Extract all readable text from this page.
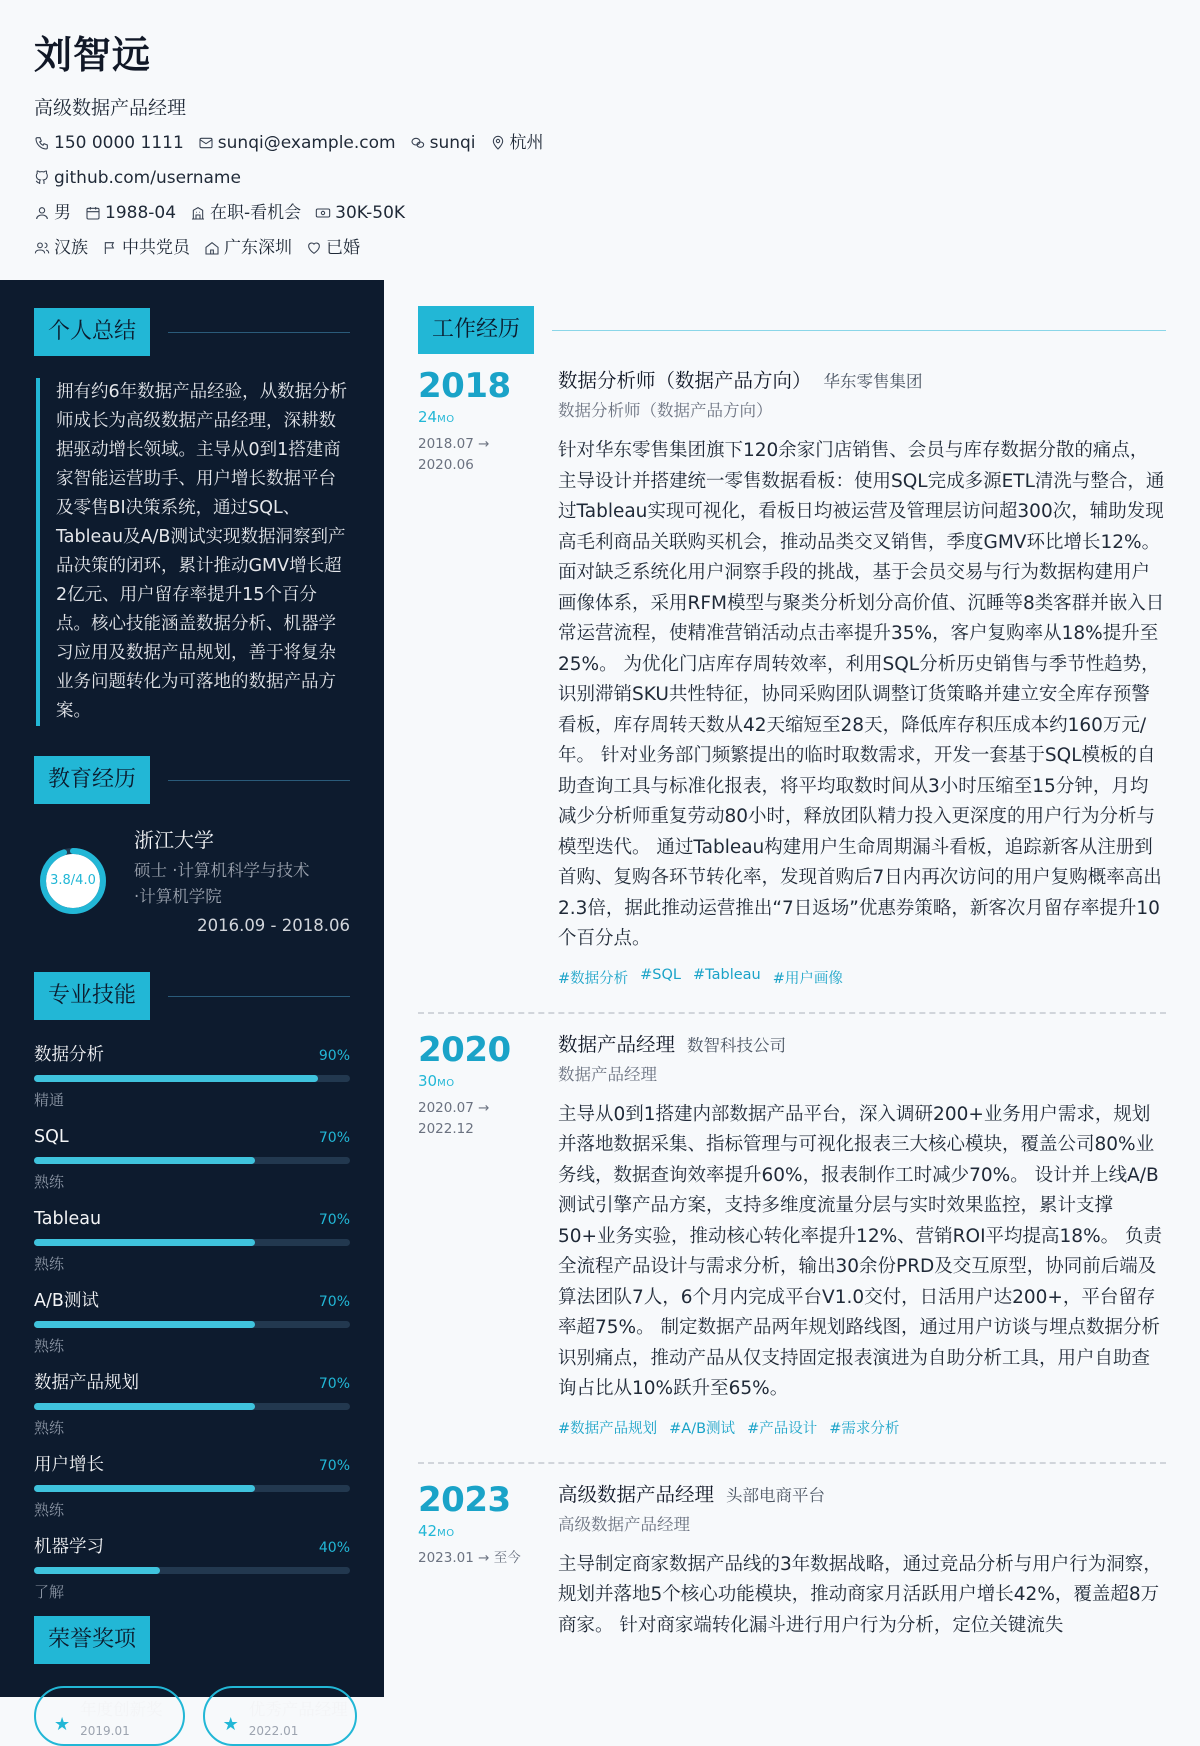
刘智远
高级数据产品经理
150 0000 1111 sunqi@example.com sunqi 杭州
github.com/username
男 1988-04 在职-看机会 30K-50K
汉族 中共党员 广东深圳 已婚
个人总结
拥有约6年数据产品经验，从数据分析师成长为高级数据产品经理，深耕数据驱动增长领域。主导从0到1搭建商家智能运营助手、用户增长数据平台及零售BI决策系统，通过SQL、Tableau及A/B测试实现数据洞察到产品决策的闭环，累计推动GMV增长超2亿元、用户留存率提升15个百分点。核心技能涵盖数据分析、机器学习应用及数据产品规划，善于将复杂业务问题转化为可落地的数据产品方案。
教育经历
3.8/4.0
浙江大学
硕士 ·计算机科学与技术
·计算机学院
2016.09 - 2018.06
专业技能
数据分析	90%
精通
SQL	70%
熟练
Tableau	70%
熟练
A/B测试	70%
熟练
数据产品规划	70%
熟练
用户增长	70%
熟练
机器学习	40%
了解
荣誉奖项
★
年度创新奖
2019.01	★
优秀产品经理
2022.01
工作经历
2018
24MO
2018.07 →
2020.06
数据分析师（数据产品方向） 华东零售集团
数据分析师（数据产品方向）
针对华东零售集团旗下120余家门店销售、会员与库存数据分散的痛点，主导设计并搭建统一零售数据看板：使用SQL完成多源ETL清洗与整合，通过Tableau实现可视化，看板日均被运营及管理层访问超300次，辅助发现高毛利商品关联购买机会，推动品类交叉销售，季度GMV环比增长12%。 面对缺乏系统化用户洞察手段的挑战，基于会员交易与行为数据构建用户画像体系，采用RFM模型与聚类分析划分高价值、沉睡等8类客群并嵌入日常运营流程，使精准营销活动点击率提升35%，客户复购率从18%提升至25%。 为优化门店库存周转效率，利用SQL分析历史销售与季节性趋势，识别滞销SKU共性特征，协同采购团队调整订货策略并建立安全库存预警看板，库存周转天数从42天缩短至28天，降低库存积压成本约160万元/年。 针对业务部门频繁提出的临时取数需求，开发一套基于SQL模板的自助查询工具与标准化报表，将平均取数时间从3小时压缩至15分钟，月均减少分析师重复劳动80小时，释放团队精力投入更深度的用户行为分析与模型迭代。 通过Tableau构建用户生命周期漏斗看板，追踪新客从注册到首购、复购各环节转化率，发现首购后7日内再次访问的用户复购概率高出2.3倍，据此推动运营推出“7日返场”优惠券策略，新客次月留存率提升10个百分点。
#数据分析 #SQL #Tableau #用户画像
2020
30MO
2020.07 →
2022.12
数据产品经理 数智科技公司
数据产品经理
主导从0到1搭建内部数据产品平台，深入调研200+业务用户需求，规划并落地数据采集、指标管理与可视化报表三大核心模块，覆盖公司80%业务线，数据查询效率提升60%，报表制作工时减少70%。 设计并上线A/B测试引擎产品方案，支持多维度流量分层与实时效果监控，累计支撑50+业务实验，推动核心转化率提升12%、营销ROI平均提高18%。 负责全流程产品设计与需求分析，输出30余份PRD及交互原型，协同前后端及算法团队7人，6个月内完成平台V1.0交付，日活用户达200+，平台留存率超75%。 制定数据产品两年规划路线图，通过用户访谈与埋点数据分析识别痛点，推动产品从仅支持固定报表演进为自助分析工具，用户自助查询占比从10%跃升至65%。
#数据产品规划 #A/B测试 #产品设计 #需求分析
2023
42MO
2023.01 → 至今
高级数据产品经理 头部电商平台
高级数据产品经理
主导制定商家数据产品线的3年数据战略，通过竞品分析与用户行为洞察，规划并落地5个核心功能模块，推动商家月活跃用户增长42%，覆盖超8万商家。 针对商家端转化漏斗进行用户行为分析，定位关键流失
